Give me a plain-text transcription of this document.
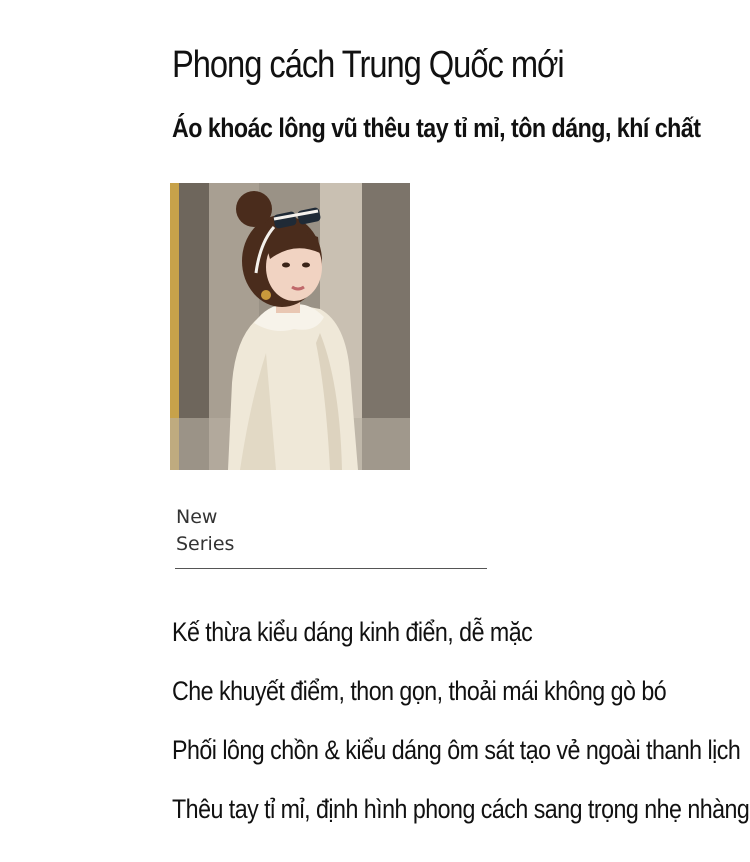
Phong cách Trung Quốc mới
Áo khoác lông vũ thêu tay tỉ mỉ, tôn dáng, khí chất
New
Series
Kế thừa kiểu dáng kinh điển, dễ mặc
Che khuyết điểm, thon gọn, thoải mái không gò bó
Phối lông chồn & kiểu dáng ôm sát tạo vẻ ngoài thanh lịch
Thêu tay tỉ mỉ, định hình phong cách sang trọng nhẹ nhàng
